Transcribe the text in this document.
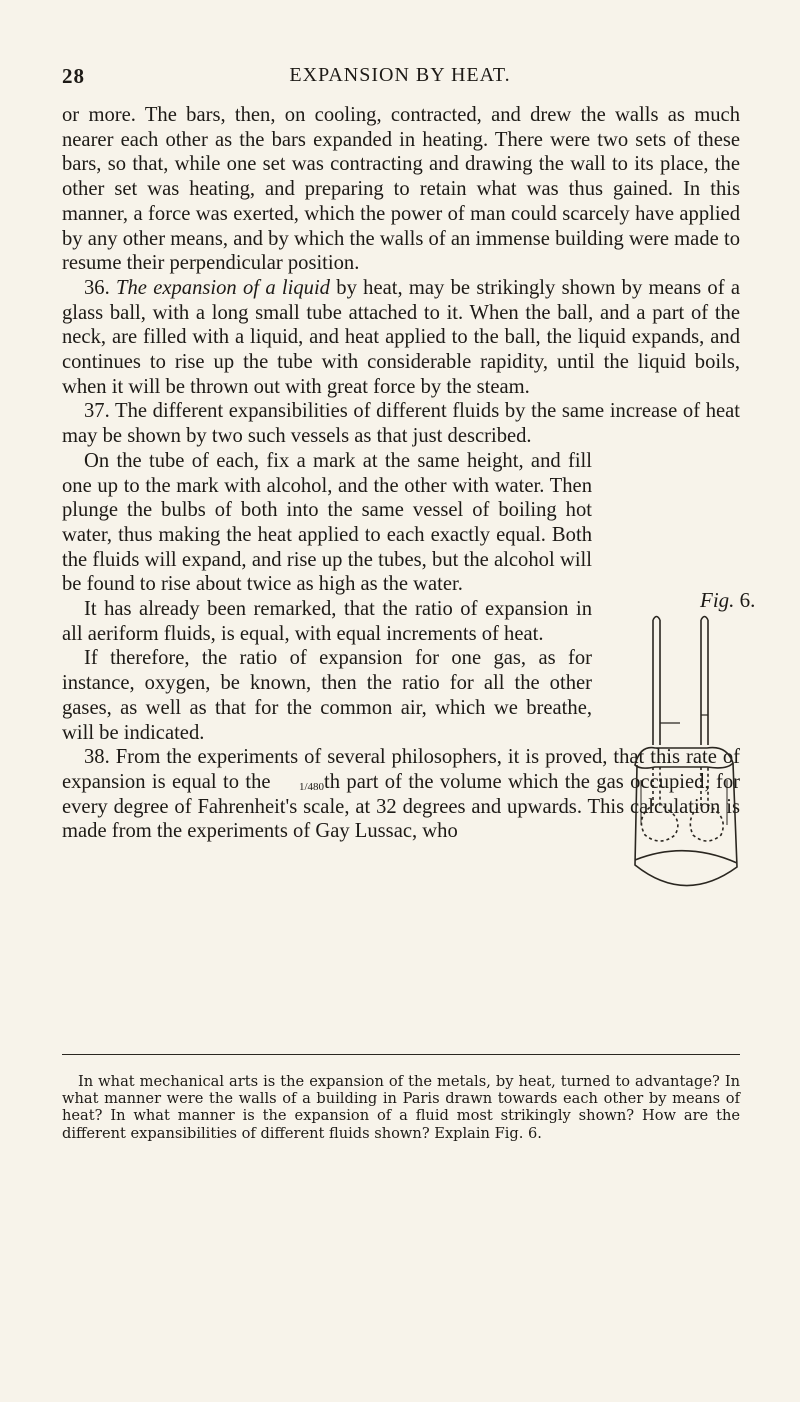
28	EXPANSION BY HEAT.

or more. The bars, then, on cooling, contracted, and drew the walls as much nearer each other as the bars expanded in heating. There were two sets of these bars, so that, while one set was contracting and drawing the wall to its place, the other set was heating, and preparing to retain what was thus gained. In this manner, a force was exerted, which the power of man could scarcely have applied by any other means, and by which the walls of an immense building were made to resume their perpendicular position.

36. The expansion of a liquid by heat, may be strikingly shown by means of a glass ball, with a long small tube attached to it. When the ball, and a part of the neck, are filled with a liquid, and heat applied to the ball, the liquid expands, and continues to rise up the tube with considerable rapidity, until the liquid boils, when it will be thrown out with great force by the steam.

37. The different expansibilities of different fluids by the same increase of heat may be shown by two such vessels as that just described.

On the tube of each, fix a mark at the same height, and fill one up to the mark with alcohol, and the other with water. Then plunge the bulbs of both into the same vessel of boiling hot water, thus making the heat applied to each exactly equal. Both the fluids will expand, and rise up the tubes, but the alcohol will be found to rise about twice as high as the water.

It has already been remarked, that the ratio of expansion in all aeriform fluids, is equal, with equal increments of heat.

If therefore, the ratio of expansion for one gas, as for instance, oxygen, be known, then the ratio for all the other gases, as well as that for the common air, which we breathe, will be indicated.

38. From the experiments of several philosophers, it is proved, that this rate of expansion is equal to the	1/480th part of the volume which the gas occupied, for every degree of Fahrenheit's scale, at 32 degrees and upwards. This calculation is made from the experiments of Gay Lussac, who

Fig. 6.

In what mechanical arts is the expansion of the metals, by heat, turned to advantage? In what manner were the walls of a building in Paris drawn towards each other by means of heat? In what manner is the expansion of a fluid most strikingly shown? How are the different expansibilities of different fluids shown? Explain Fig. 6.
